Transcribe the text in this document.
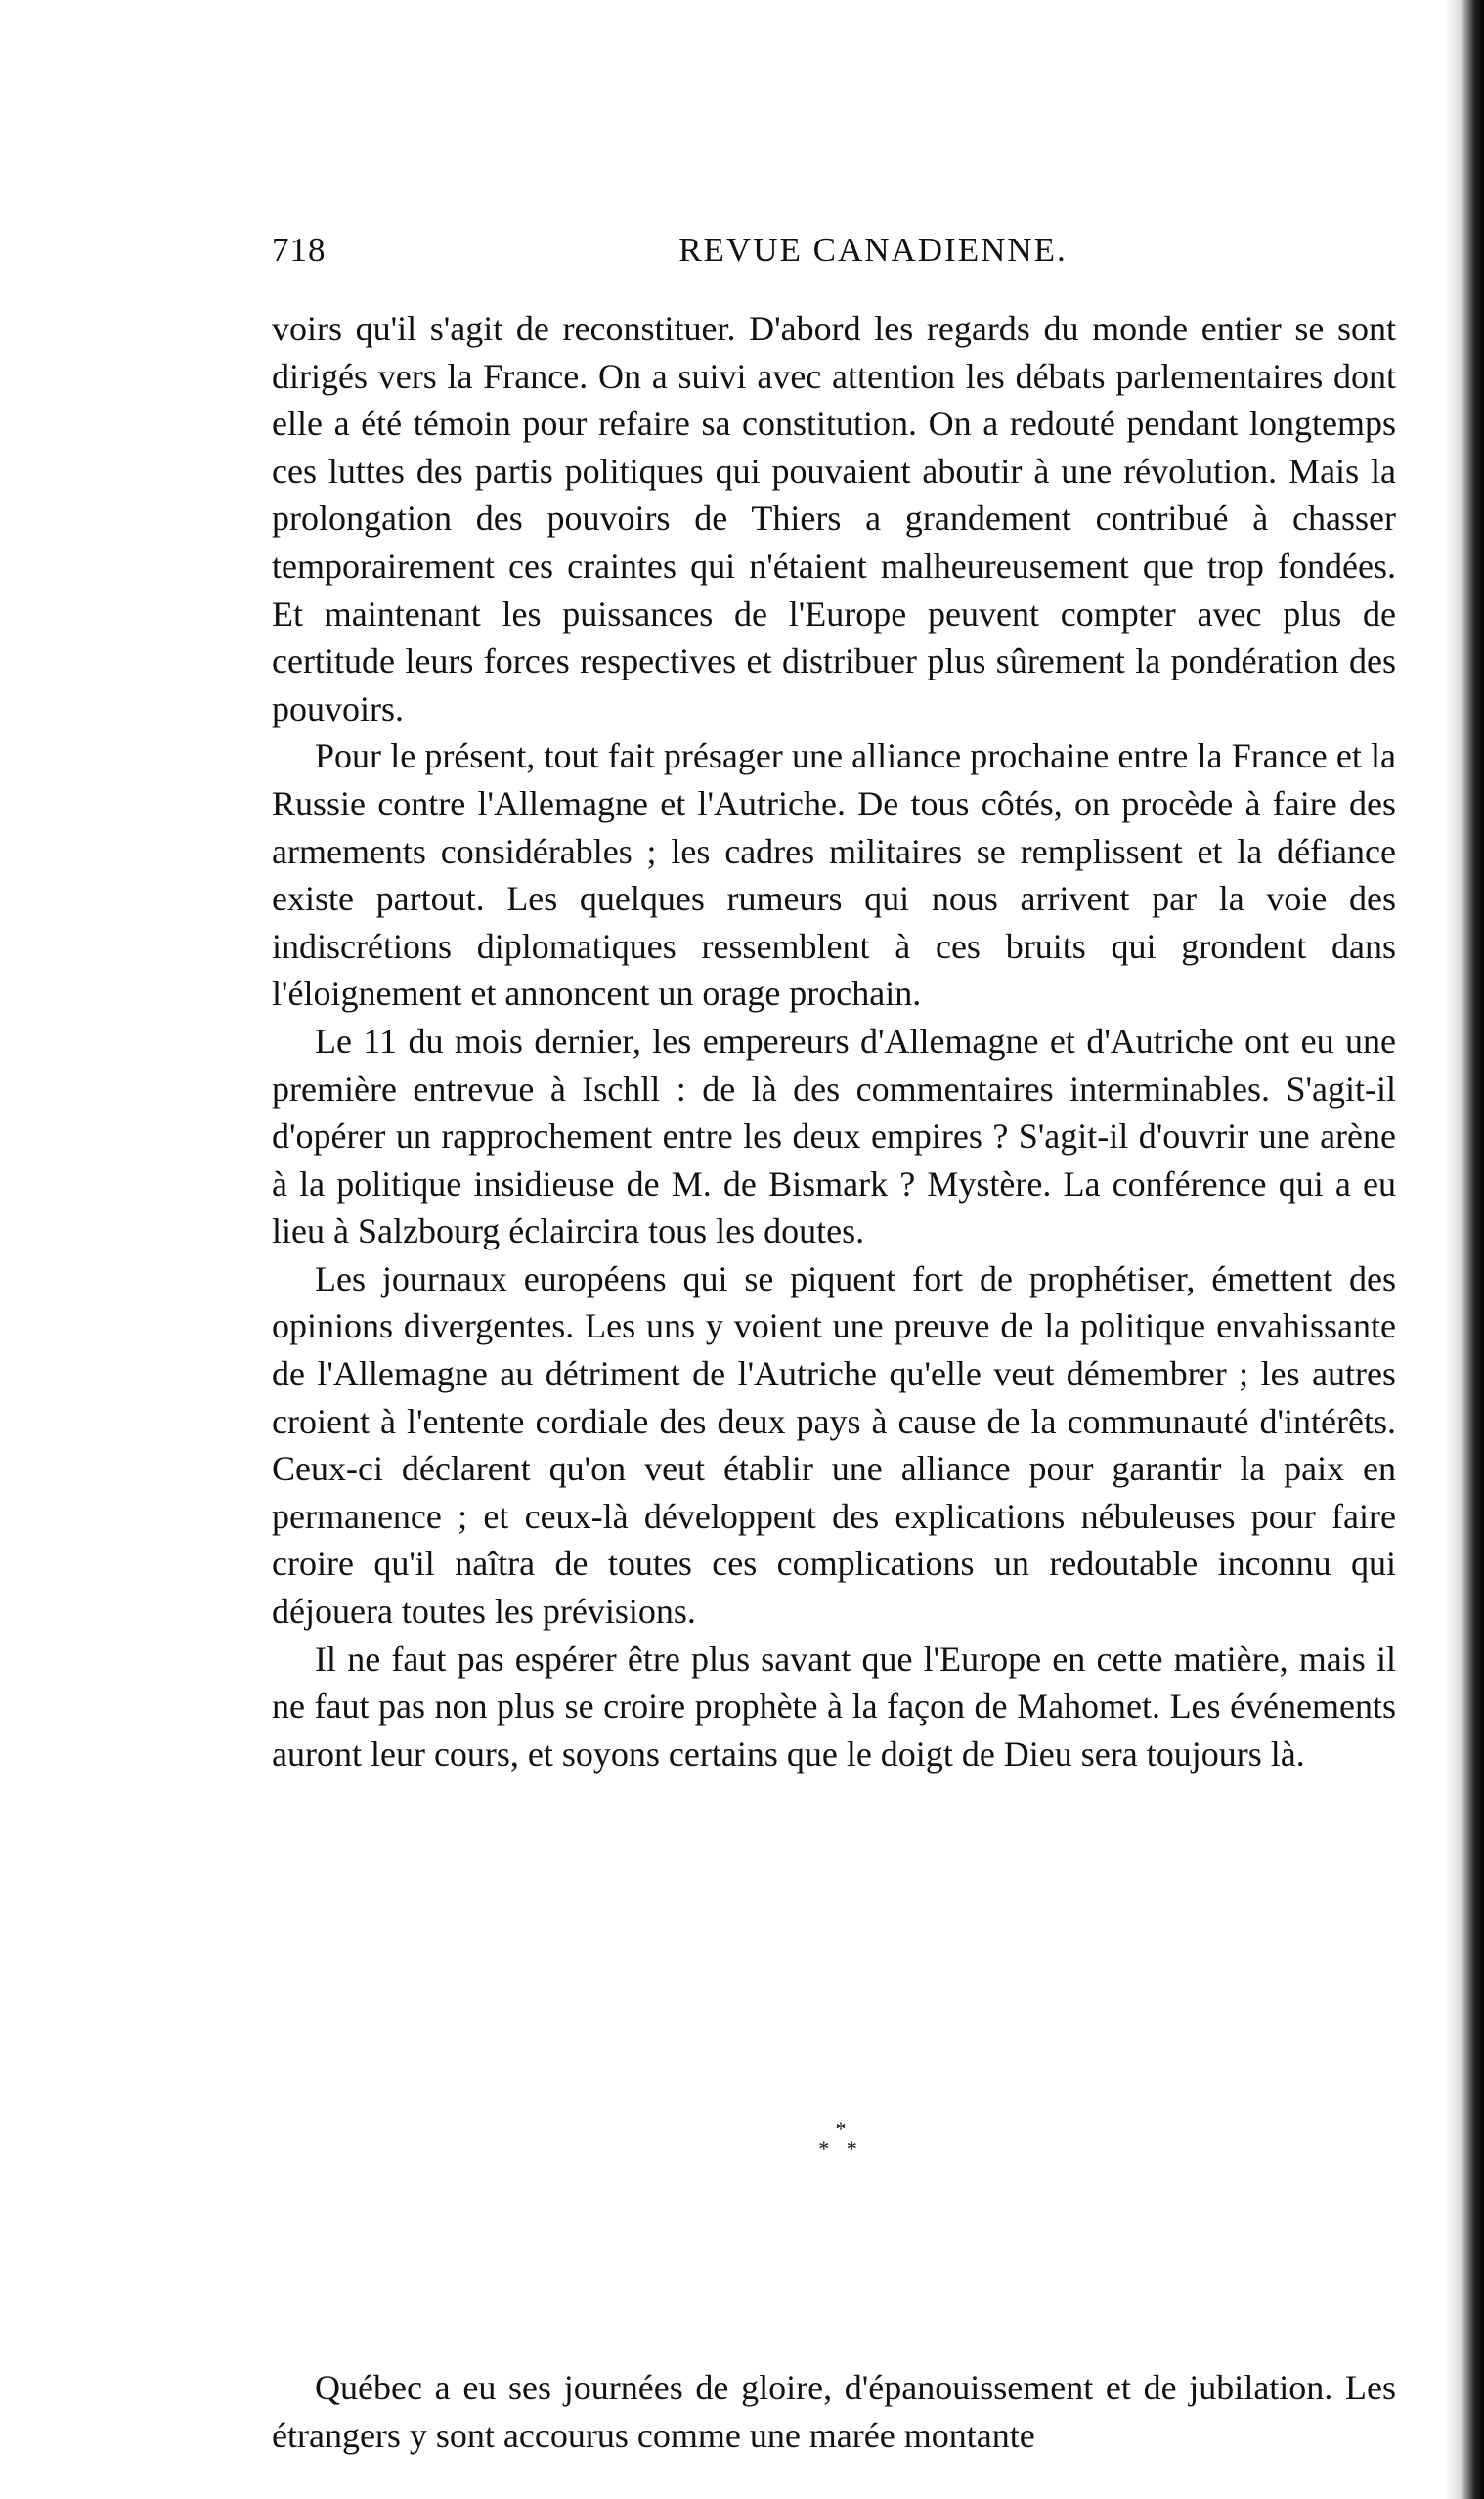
718	REVUE CANADIENNE.

voirs qu'il s'agit de reconstituer. D'abord les regards du monde entier se sont dirigés vers la France. On a suivi avec attention les débats parlementaires dont elle a été témoin pour refaire sa constitution. On a redouté pendant longtemps ces luttes des partis politiques qui pouvaient aboutir à une révolution. Mais la prolongation des pouvoirs de Thiers a grandement contribué à chasser temporairement ces craintes qui n'étaient malheureusement que trop fondées. Et maintenant les puissances de l'Europe peuvent compter avec plus de certitude leurs forces respectives et distribuer plus sûrement la pondération des pouvoirs.

Pour le présent, tout fait présager une alliance prochaine entre la France et la Russie contre l'Allemagne et l'Autriche. De tous côtés, on procède à faire des armements considérables ; les cadres militaires se remplissent et la défiance existe partout. Les quelques rumeurs qui nous arrivent par la voie des indiscrétions diplomatiques ressemblent à ces bruits qui grondent dans l'éloignement et annoncent un orage prochain.

Le 11 du mois dernier, les empereurs d'Allemagne et d'Autriche ont eu une première entrevue à Ischll : de là des commentaires interminables. S'agit-il d'opérer un rapprochement entre les deux empires ? S'agit-il d'ouvrir une arène à la politique insidieuse de M. de Bismark ? Mystère. La conférence qui a eu lieu à Salzbourg éclaircira tous les doutes.

Les journaux européens qui se piquent fort de prophétiser, émettent des opinions divergentes. Les uns y voient une preuve de la politique envahissante de l'Allemagne au détriment de l'Autriche qu'elle veut démembrer ; les autres croient à l'entente cordiale des deux pays à cause de la communauté d'intérêts. Ceux-ci déclarent qu'on veut établir une alliance pour garantir la paix en permanence ; et ceux-là développent des explications nébuleuses pour faire croire qu'il naîtra de toutes ces complications un redoutable inconnu qui déjouera toutes les prévisions.

Il ne faut pas espérer être plus savant que l'Europe en cette matière, mais il ne faut pas non plus se croire prophète à la façon de Mahomet. Les événements auront leur cours, et soyons certains que le doigt de Dieu sera toujours là.

*
* *

Québec a eu ses journées de gloire, d'épanouissement et de jubilation. Les étrangers y sont accourus comme une marée montante
